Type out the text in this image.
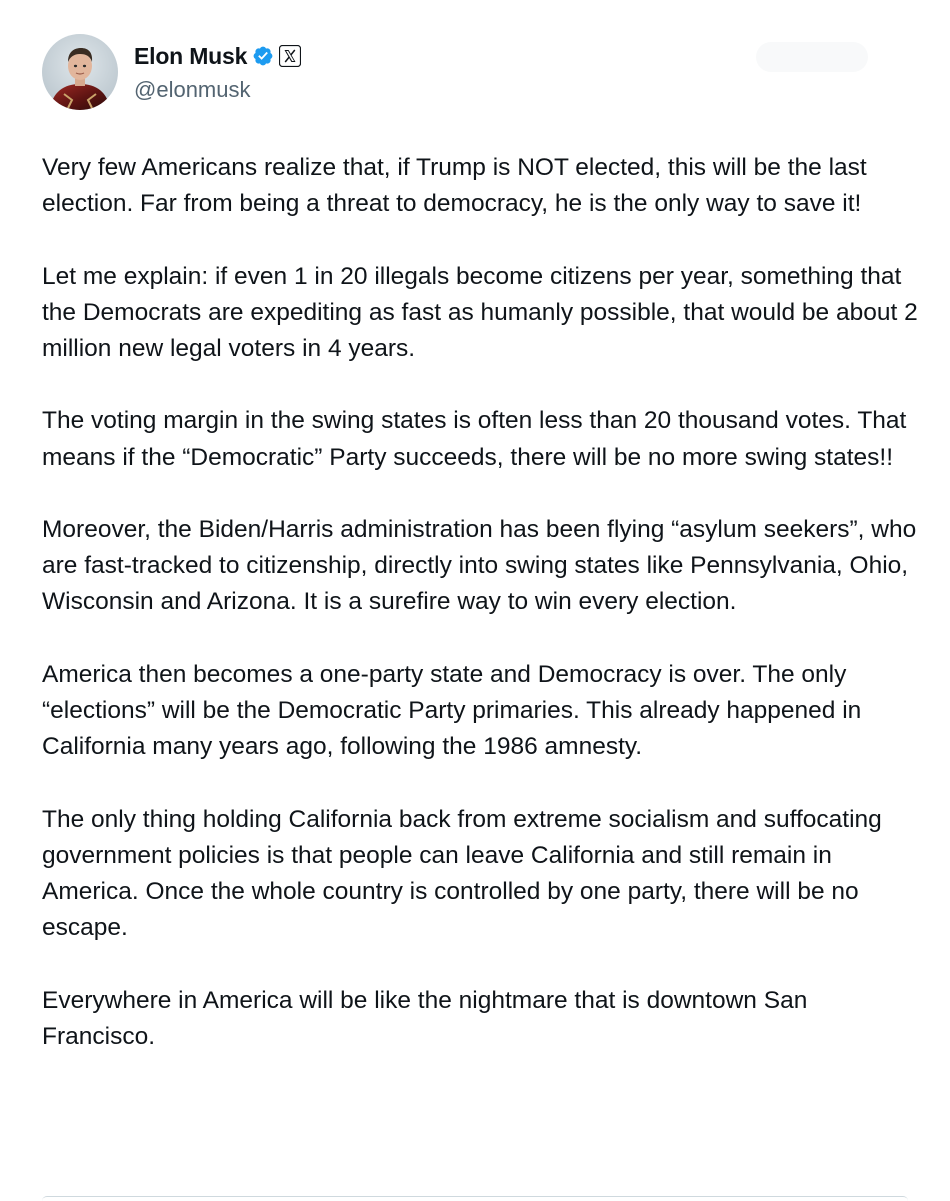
Elon Musk
@elonmusk

Very few Americans realize that, if Trump is NOT elected, this will be the last election. Far from being a threat to democracy, he is the only way to save it!

Let me explain: if even 1 in 20 illegals become citizens per year, something that the Democrats are expediting as fast as humanly possible, that would be about 2 million new legal voters in 4 years.

The voting margin in the swing states is often less than 20 thousand votes. That means if the “Democratic” Party succeeds, there will be no more swing states!!

Moreover, the Biden/Harris administration has been flying “asylum seekers”, who are fast-tracked to citizenship, directly into swing states like Pennsylvania, Ohio, Wisconsin and Arizona. It is a surefire way to win every election.

America then becomes a one-party state and Democracy is over. The only “elections” will be the Democratic Party primaries. This already happened in California many years ago, following the 1986 amnesty.

The only thing holding California back from extreme socialism and suffocating government policies is that people can leave California and still remain in America. Once the whole country is controlled by one party, there will be no escape.

Everywhere in America will be like the nightmare that is downtown San Francisco.
